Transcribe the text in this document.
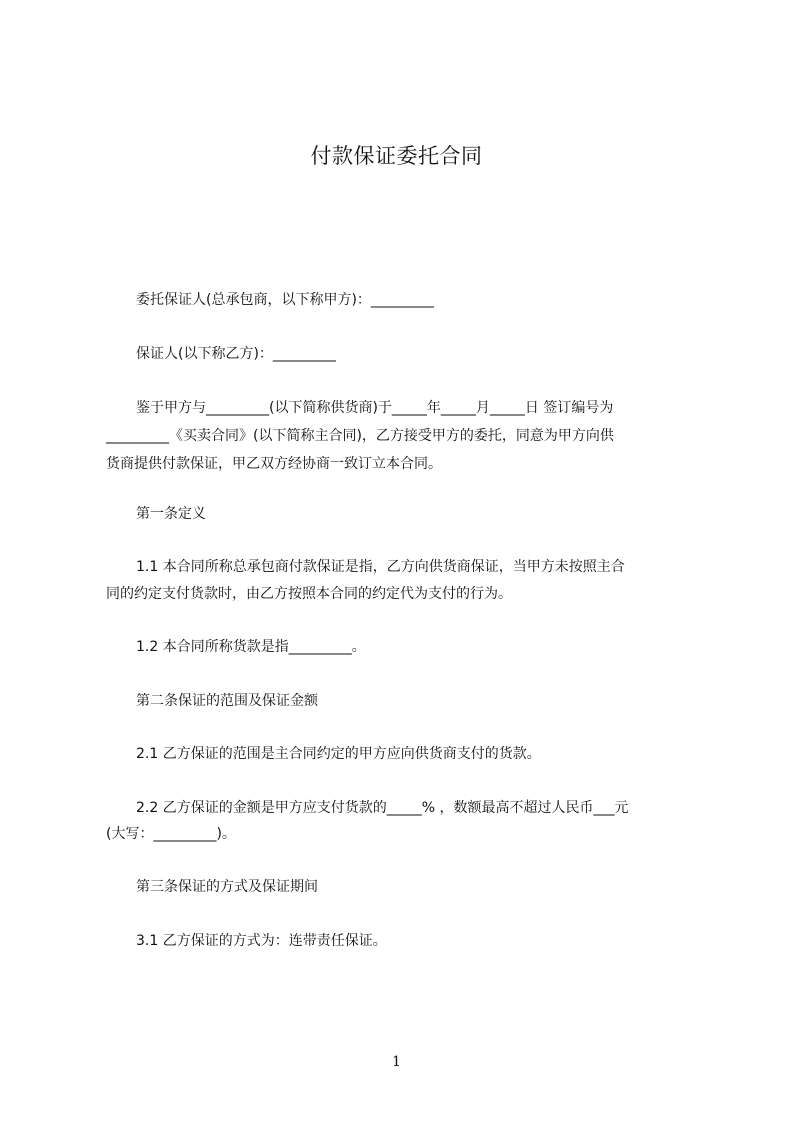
付款保证委托合同
委托保证人(总承包商，以下称甲方)：_________
保证人(以下称乙方)：_________
鉴于甲方与_________(以下简称供货商)于_____年_____月_____日 签订编号为
_________《买卖合同》(以下简称主合同)，乙方接受甲方的委托，同意为甲方向供
货商提供付款保证，甲乙双方经协商一致订立本合同。
第一条定义
1.1 本合同所称总承包商付款保证是指，乙方向供货商保证，当甲方未按照主合
同的约定支付货款时，由乙方按照本合同的约定代为支付的行为。
1.2 本合同所称货款是指_________。
第二条保证的范围及保证金额
2.1 乙方保证的范围是主合同约定的甲方应向供货商支付的货款。
2.2 乙方保证的金额是甲方应支付货款的_____% ，数额最高不超过人民币___元
(大写：_________)。
第三条保证的方式及保证期间
3.1 乙方保证的方式为：连带责任保证。
1
